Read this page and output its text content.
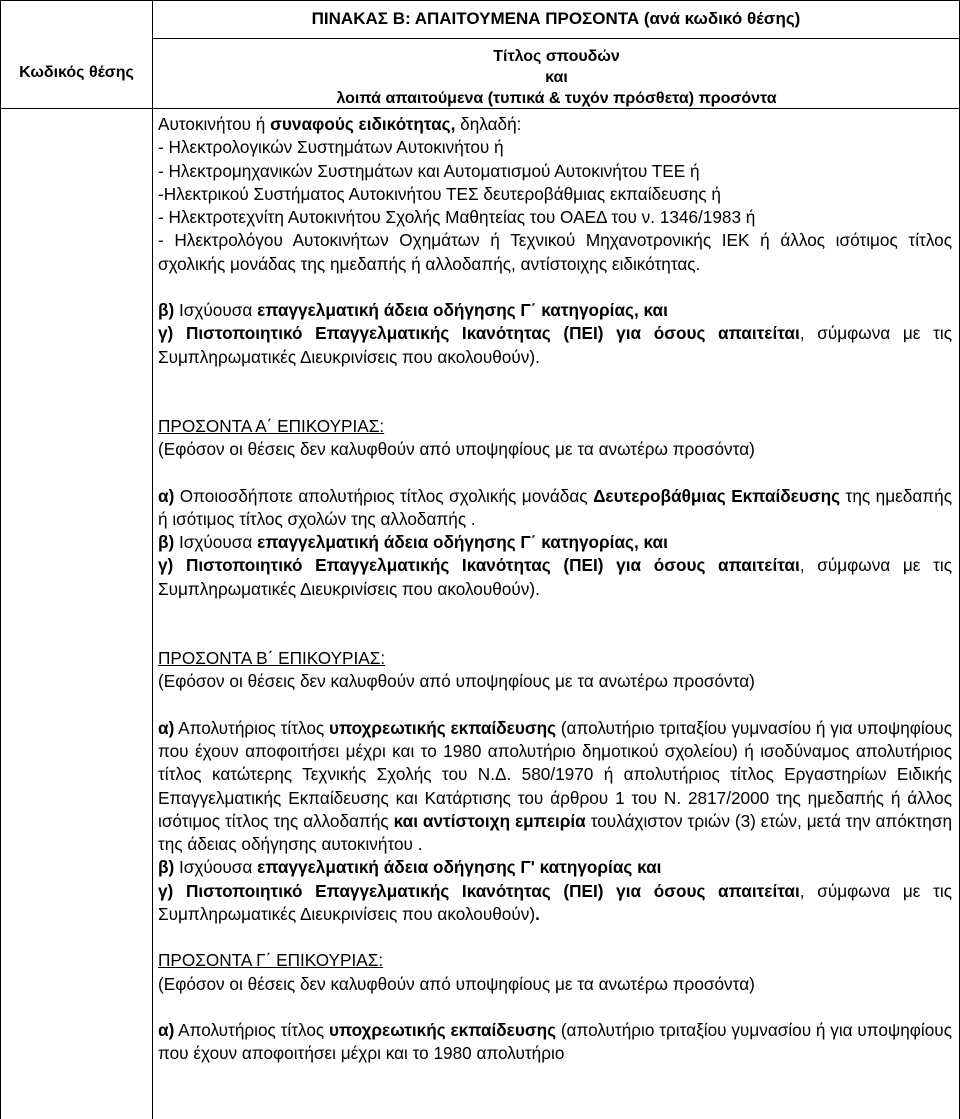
ΠΙΝΑΚΑΣ Β: ΑΠΑΙΤΟΥΜΕΝΑ ΠΡΟΣΟΝΤΑ (ανά κωδικό θέσης)
Κωδικός θέσης
Τίτλος σπουδών
και
λοιπά απαιτούμενα (τυπικά & τυχόν πρόσθετα) προσόντα

Αυτοκινήτου ή συναφούς ειδικότητας, δηλαδή:

- Ηλεκτρολογικών Συστημάτων Αυτοκινήτου ή

- Ηλεκτρομηχανικών Συστημάτων και Αυτοματισμού Αυτοκινήτου ΤΕΕ ή

-Ηλεκτρικού Συστήματος Αυτοκινήτου ΤΕΣ δευτεροβάθμιας εκπαίδευσης ή

- Ηλεκτροτεχνίτη Αυτοκινήτου Σχολής Μαθητείας του ΟΑΕΔ του ν. 1346/1983 ή

- Ηλεκτρολόγου Αυτοκινήτων Οχημάτων ή Τεχνικού Μηχανοτρονικής ΙΕΚ ή άλλος ισότιμος τίτλος σχολικής μονάδας της ημεδαπής ή αλλοδαπής, αντίστοιχης ειδικότητας.

β) Ισχύουσα επαγγελματική άδεια οδήγησης Γ΄ κατηγορίας, και

γ) Πιστοποιητικό Επαγγελματικής Ικανότητας (ΠΕΙ) για όσους απαιτείται, σύμφωνα με τις Συμπληρωματικές Διευκρινίσεις που ακολουθούν).

ΠΡΟΣΟΝΤΑ Α΄ ΕΠΙΚΟΥΡΙΑΣ:

(Εφόσον οι θέσεις δεν καλυφθούν από υποψηφίους με τα ανωτέρω προσόντα)

α) Οποιοσδήποτε απολυτήριος τίτλος σχολικής μονάδας Δευτεροβάθμιας Εκπαίδευσης της ημεδαπής ή ισότιμος τίτλος σχολών της αλλοδαπής .

β) Ισχύουσα επαγγελματική άδεια οδήγησης Γ΄ κατηγορίας, και

γ) Πιστοποιητικό Επαγγελματικής Ικανότητας (ΠΕΙ) για όσους απαιτείται, σύμφωνα με τις Συμπληρωματικές Διευκρινίσεις που ακολουθούν).

ΠΡΟΣΟΝΤΑ Β΄ ΕΠΙΚΟΥΡΙΑΣ:

(Εφόσον οι θέσεις δεν καλυφθούν από υποψηφίους με τα ανωτέρω προσόντα)

α) Απολυτήριος τίτλος υποχρεωτικής εκπαίδευσης (απολυτήριο τριταξίου γυμνασίου ή για υποψηφίους που έχουν αποφοιτήσει μέχρι και το 1980 απολυτήριο δημοτικού σχολείου) ή ισοδύναμος απολυτήριος τίτλος κατώτερης Τεχνικής Σχολής του Ν.Δ. 580/1970 ή απολυτήριος τίτλος Εργαστηρίων Ειδικής Επαγγελματικής Εκπαίδευσης και Κατάρτισης του άρθρου 1 του Ν. 2817/2000 της ημεδαπής ή άλλος ισότιμος τίτλος της αλλοδαπής και αντίστοιχη εμπειρία τουλάχιστον τριών (3) ετών, μετά την απόκτηση της άδειας οδήγησης αυτοκινήτου .

β) Ισχύουσα επαγγελματική άδεια οδήγησης Γ' κατηγορίας και

γ) Πιστοποιητικό Επαγγελματικής Ικανότητας (ΠΕΙ) για όσους απαιτείται, σύμφωνα με τις Συμπληρωματικές Διευκρινίσεις που ακολουθούν).

ΠΡΟΣΟΝΤΑ Γ΄ ΕΠΙΚΟΥΡΙΑΣ:

(Εφόσον οι θέσεις δεν καλυφθούν από υποψηφίους με τα ανωτέρω προσόντα)

α) Απολυτήριος τίτλος υποχρεωτικής εκπαίδευσης (απολυτήριο τριταξίου γυμνασίου ή για υποψηφίους που έχουν αποφοιτήσει μέχρι και το 1980 απολυτήριο
